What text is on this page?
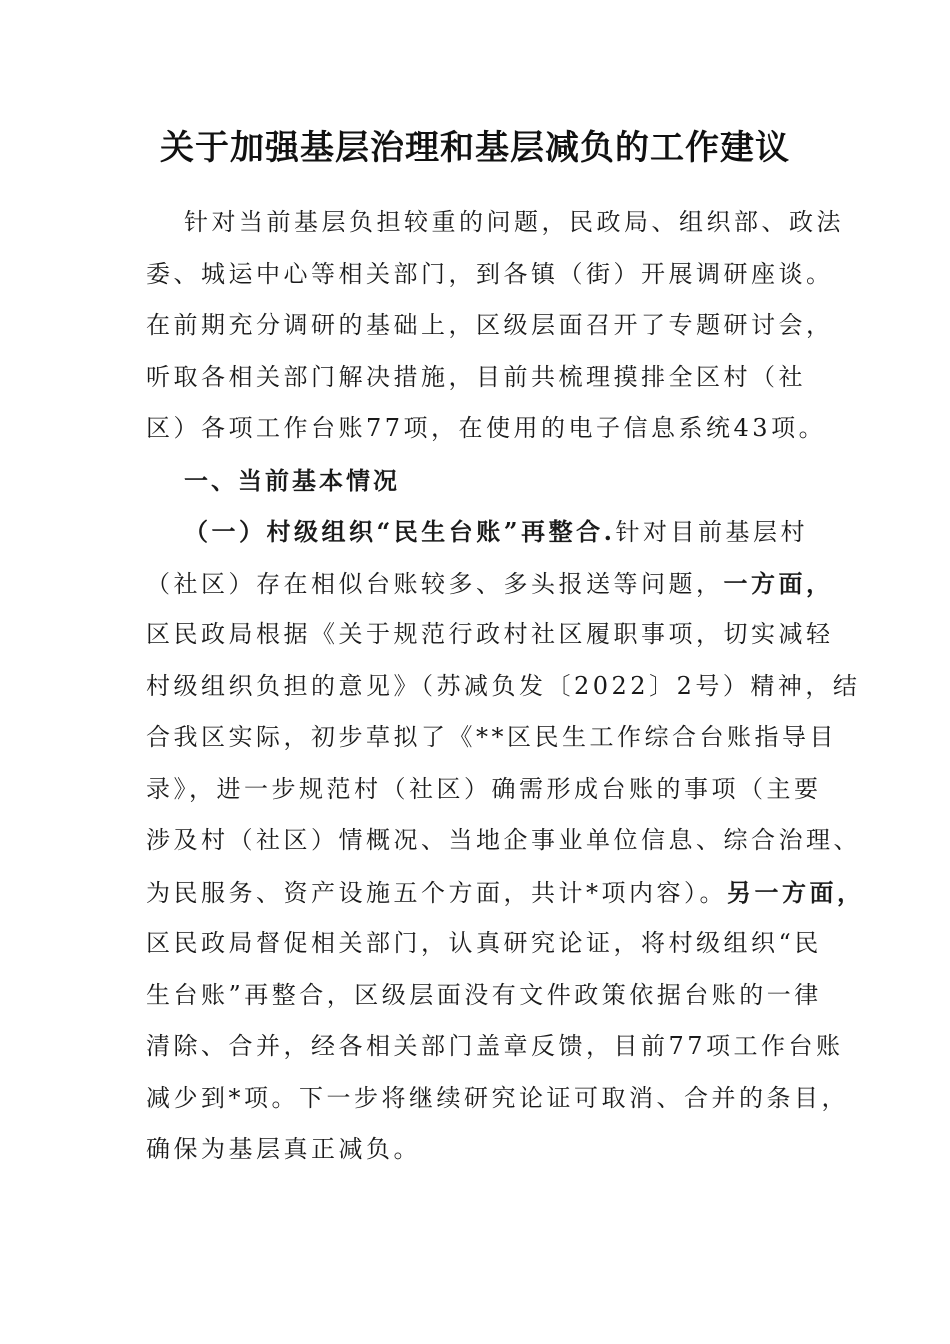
关于加强基层治理和基层减负的工作建议
针对当前基层负担较重的问题，民政局、组织部、政法
委、城运中心等相关部门，到各镇（街）开展调研座谈。
在前期充分调研的基础上，区级层面召开了专题研讨会，
听取各相关部门解决措施，目前共梳理摸排全区村（社
区）各项工作台账77项，在使用的电子信息系统43项。
一、当前基本情况
（一）村级组织“民生台账”再整合.针对目前基层村
（社区）存在相似台账较多、多头报送等问题，一方面，
区民政局根据《关于规范行政村社区履职事项，切实减轻
村级组织负担的意见》（苏减负发〔2022〕2号）精神，结
合我区实际，初步草拟了《**区民生工作综合台账指导目
录》，进一步规范村（社区）确需形成台账的事项（主要
涉及村（社区）情概况、当地企事业单位信息、综合治理、
为民服务、资产设施五个方面，共计*项内容）。另一方面，
区民政局督促相关部门，认真研究论证，将村级组织“民
生台账”再整合，区级层面没有文件政策依据台账的一律
清除、合并，经各相关部门盖章反馈，目前77项工作台账
减少到*项。下一步将继续研究论证可取消、合并的条目，
确保为基层真正减负。
